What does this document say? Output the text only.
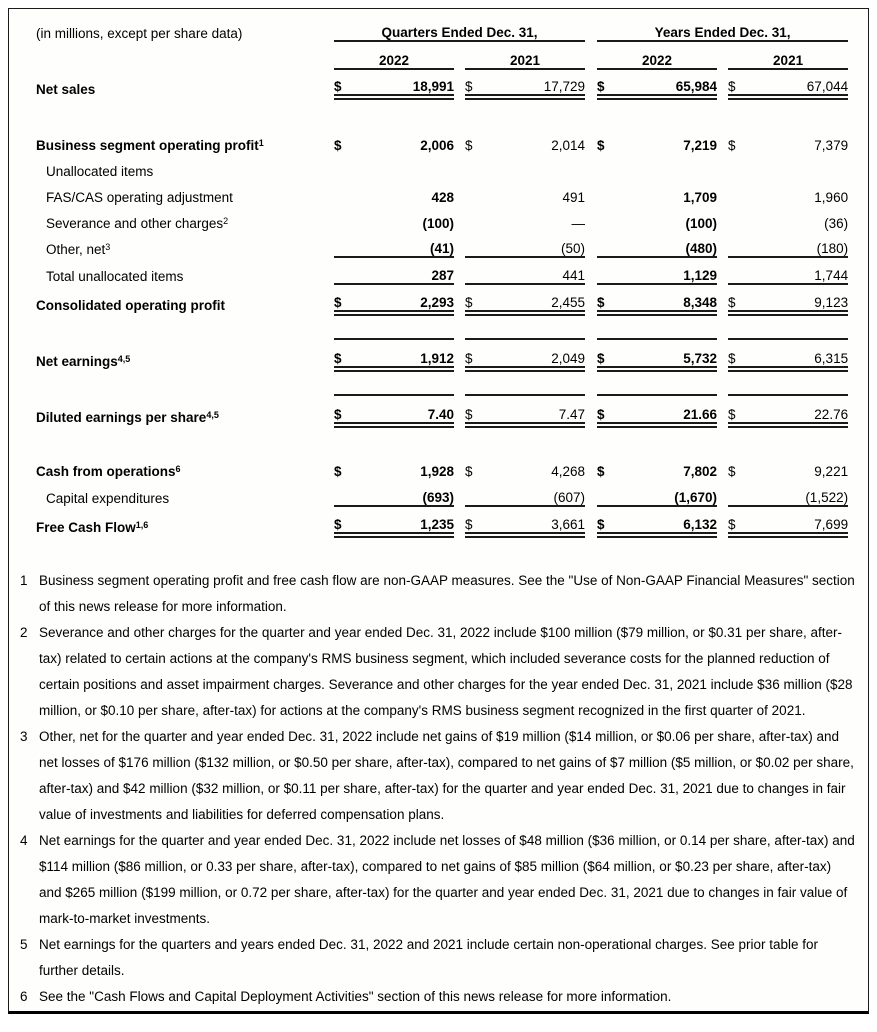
(in millions, except per share data)	Quarters Ended Dec. 31,						Years Ended Dec. 31,				
	2022			2021			2022			2021	
Net sales	$	18,991		$	17,729		$	65,984		$	67,044

Business segment operating profit$^1$	$	2,006		$	2,014		$	7,219		$	7,379
Unallocated items											
FAS/CAS operating adjustment		428			491			1,709			1,960
Severance and other charges$^2$		(100)			—			(100)			(36)
Other, net$^3$		(41)			(50)			(480)			(180)
Total unallocated items		287			441			1,129			1,744
Consolidated operating profit	$	2,293		$	2,455		$	8,348		$	9,123

Net earnings$^{4,5}$	$	1,912		$	2,049		$	5,732		$	6,315

Diluted earnings per share$^{4,5}$	$	7.40		$	7.47		$	21.66		$	22.76

Cash from operations$^6$	$	1,928		$	4,268		$	7,802		$	9,221
Capital expenditures		(693)			(607)			(1,670)			(1,522)
Free Cash Flow$^{1,6}$	$	1,235		$	3,661		$	6,132		$	7,699
1 Business segment operating profit and free cash flow are non-GAAP measures. See the "Use of Non-GAAP Financial Measures" section of this news release for more information.
2 Severance and other charges for the quarter and year ended Dec. 31, 2022 include $100 million ($79 million, or $0.31 per share, after-tax) related to certain actions at the company's RMS business segment, which included severance costs for the planned reduction of certain positions and asset impairment charges. Severance and other charges for the year ended Dec. 31, 2021 include $36 million ($28 million, or $0.10 per share, after-tax) for actions at the company's RMS business segment recognized in the first quarter of 2021.
3 Other, net for the quarter and year ended Dec. 31, 2022 include net gains of $19 million ($14 million, or $0.06 per share, after-tax) and net losses of $176 million ($132 million, or $0.50 per share, after-tax), compared to net gains of $7 million ($5 million, or $0.02 per share, after-tax) and $42 million ($32 million, or $0.11 per share, after-tax) for the quarter and year ended Dec. 31, 2021 due to changes in fair value of investments and liabilities for deferred compensation plans.
4 Net earnings for the quarter and year ended Dec. 31, 2022 include net losses of $48 million ($36 million, or 0.14 per share, after-tax) and $114 million ($86 million, or 0.33 per share, after-tax), compared to net gains of $85 million ($64 million, or $0.23 per share, after-tax) and $265 million ($199 million, or 0.72 per share, after-tax) for the quarter and year ended Dec. 31, 2021 due to changes in fair value of mark-to-market investments.
5 Net earnings for the quarters and years ended Dec. 31, 2022 and 2021 include certain non-operational charges. See prior table for further details.
6 See the "Cash Flows and Capital Deployment Activities" section of this news release for more information.
